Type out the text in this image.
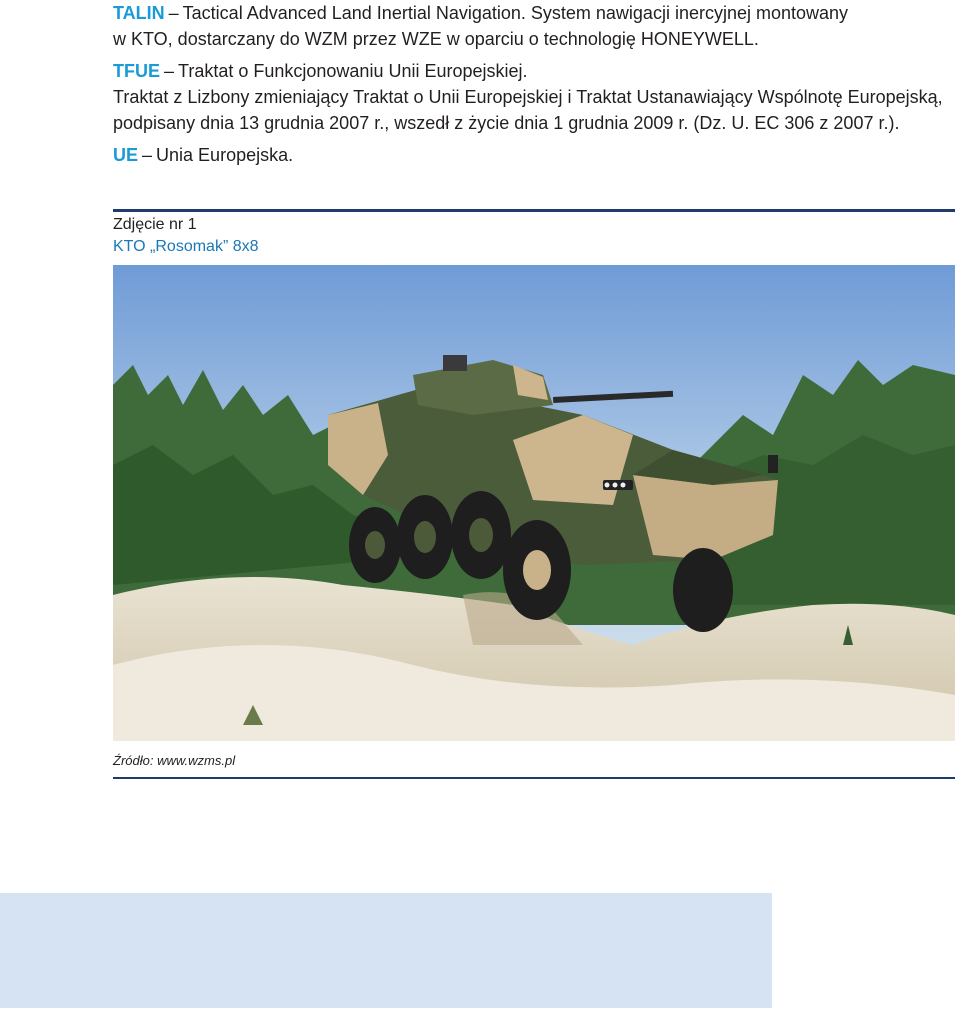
TALIN – Tactical Advanced Land Inertial Navigation. System nawigacji inercyjnej montowany
w KTO, dostarczany do WZM przez WZE w oparciu o technologię HONEYWELL.

TFUE – Traktat o Funkcjonowaniu Unii Europejskiej.
Traktat z Lizbony zmieniający Traktat o Unii Europejskiej i Traktat Ustanawiający Wspólnotę Europejską,
podpisany dnia 13 grudnia 2007 r., wszedł z życie dnia 1 grudnia 2009 r. (Dz. U. EC 306 z 2007 r.).

UE – Unia Europejska.

Zdjęcie nr 1
KTO „Rosomak” 8x8
Źródło: www.wzms.pl
